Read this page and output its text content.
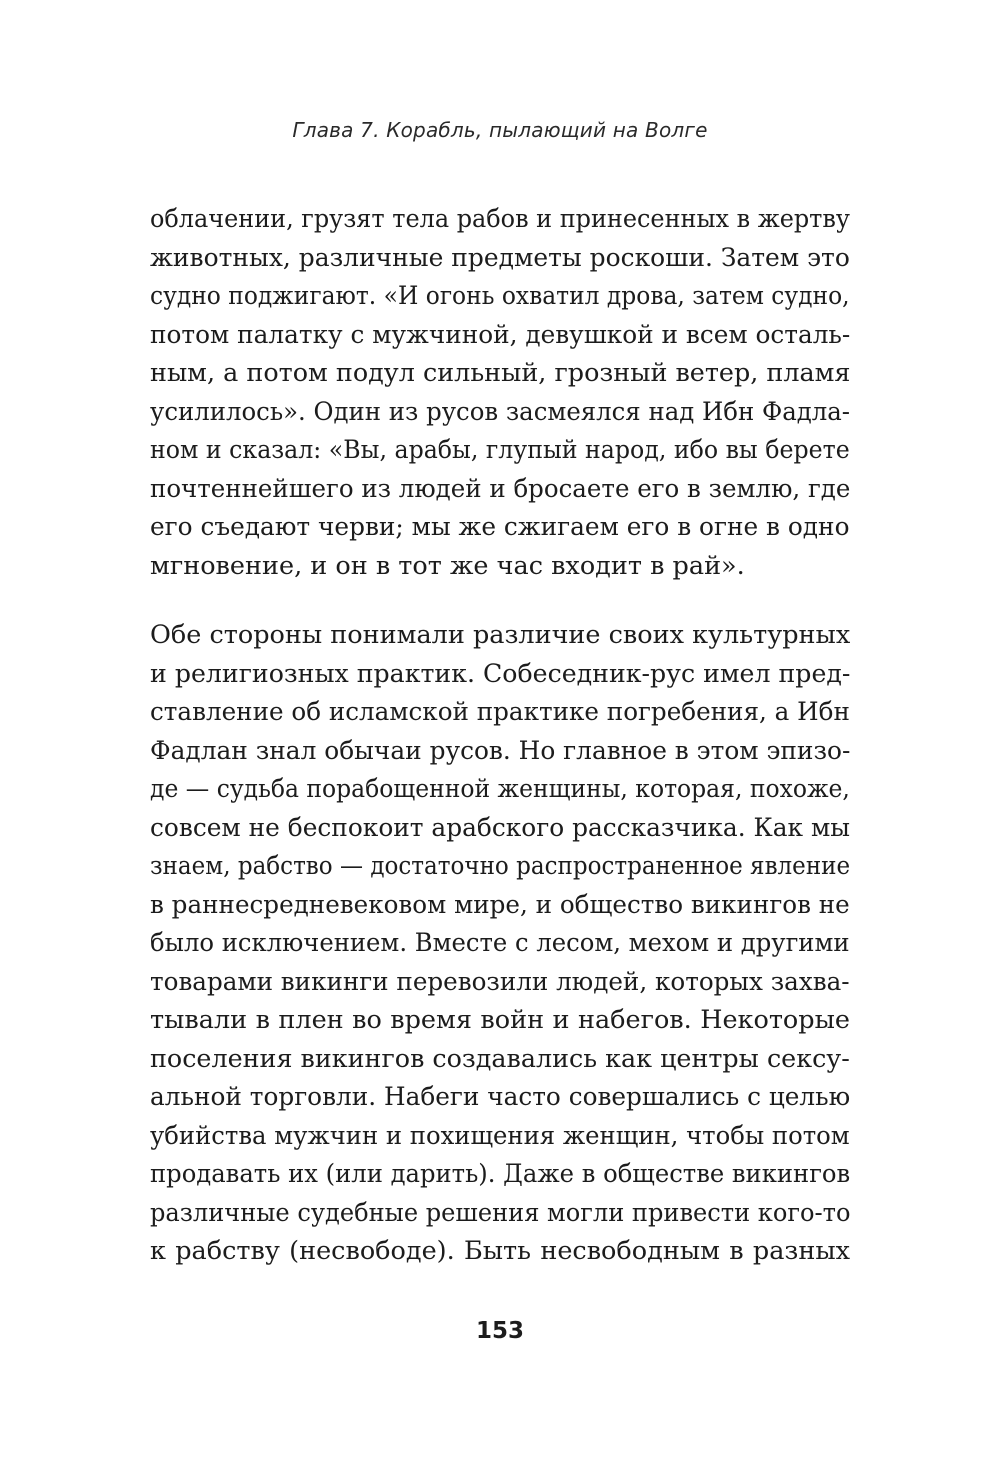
Глава 7. Корабль, пылающий на Волге
облачении, грузят тела рабов и принесенных в жертву
животных, различные предметы роскоши. Затем это
судно поджигают. «И огонь охватил дрова, затем судно,
потом палатку с мужчиной, девушкой и всем осталь-
ным, а потом подул сильный, грозный ветер, пламя
усилилось». Один из русов засмеялся над Ибн Фадла-
ном и сказал: «Вы, арабы, глупый народ, ибо вы берете
почтеннейшего из людей и бросаете его в землю, где
его съедают черви; мы же сжигаем его в огне в одно
мгновение, и он в тот же час входит в рай».
Обе стороны понимали различие своих культурных
и религиозных практик. Собеседник-рус имел пред-
ставление об исламской практике погребения, а Ибн
Фадлан знал обычаи русов. Но главное в этом эпизо-
де — судьба порабощенной женщины, которая, похоже,
совсем не беспокоит арабского рассказчика. Как мы
знаем, рабство — достаточно распространенное явление
в раннесредневековом мире, и общество викингов не
было исключением. Вместе с лесом, мехом и другими
товарами викинги перевозили людей, которых захва-
тывали в плен во время войн и набегов. Некоторые
поселения викингов создавались как центры сексу-
альной торговли. Набеги часто совершались с целью
убийства мужчин и похищения женщин, чтобы потом
продавать их (или дарить). Даже в обществе викингов
различные судебные решения могли привести кого-то
к рабству (несвободе). Быть несвободным в разных
153
